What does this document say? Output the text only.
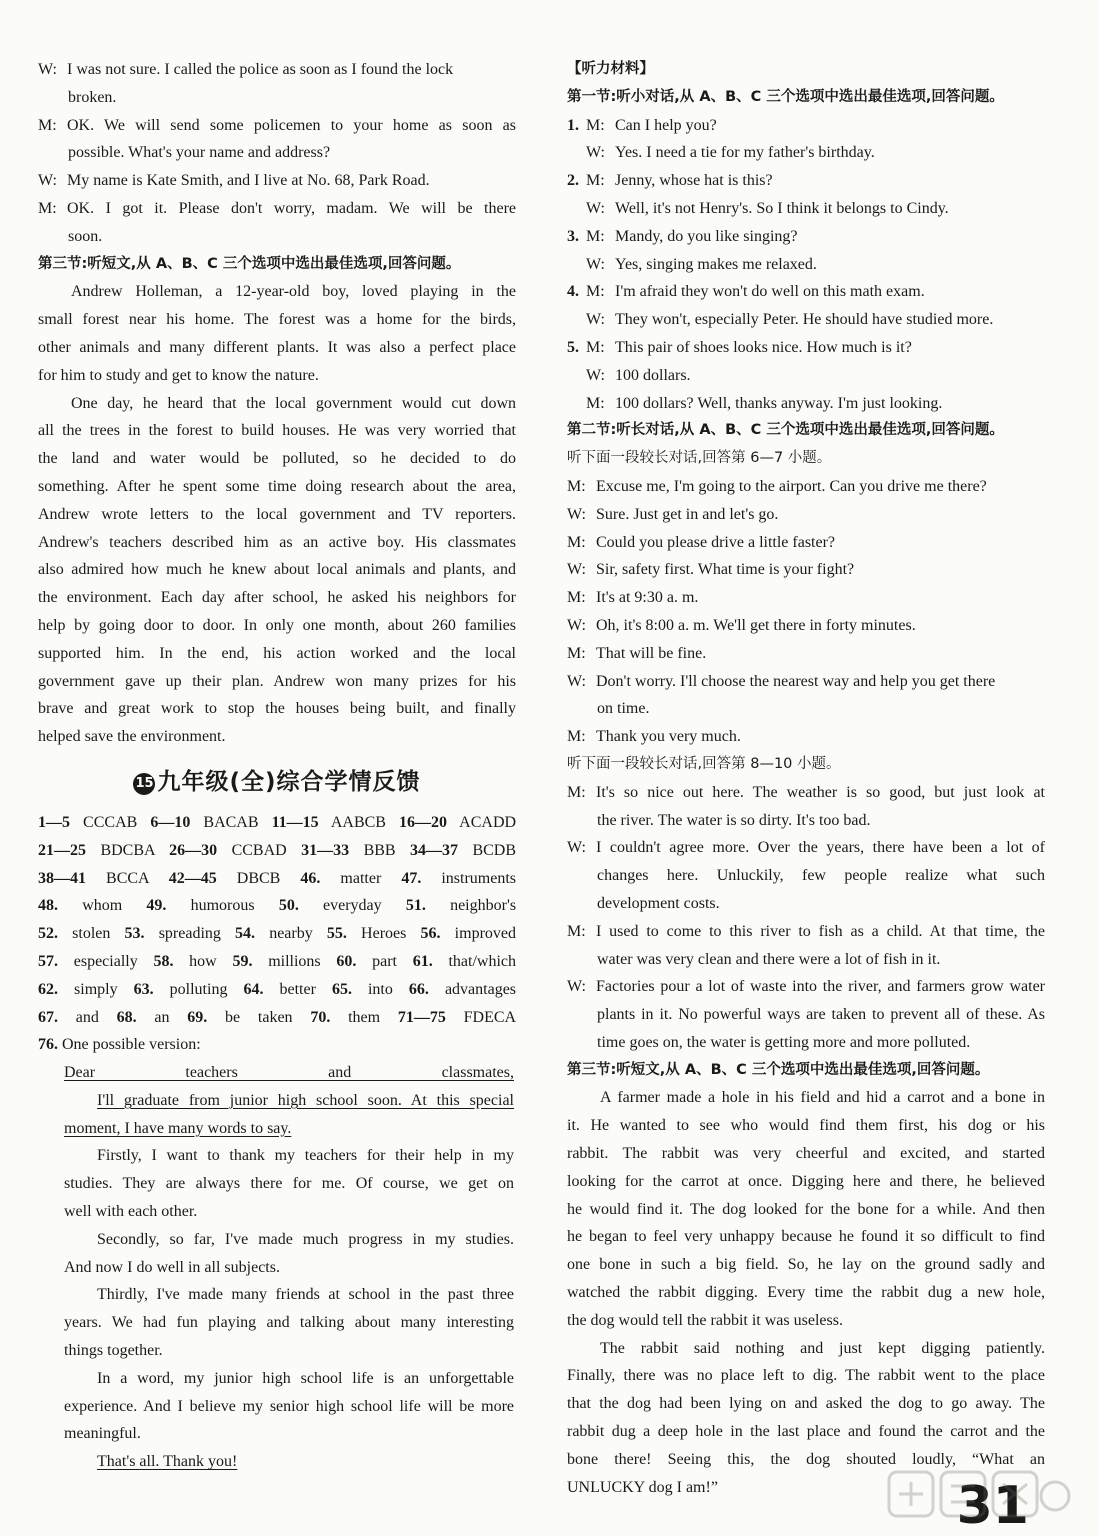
W: I was not sure. I called the police as soon as I found the lock
broken.
M: OK. We will send some policemen to your home as soon as
possible. What's your name and address?
W: My name is Kate Smith, and I live at No. 68, Park Road.
M: OK. I got it. Please don't worry, madam. We will be there
soon.
第三节:听短文,从 A、B、C 三个选项中选出最佳选项,回答问题。
Andrew Holleman, a 12-year-old boy, loved playing in the
small forest near his home. The forest was a home for the birds,
other animals and many different plants. It was also a perfect place
for him to study and get to know the nature.
One day, he heard that the local government would cut down
all the trees in the forest to build houses. He was very worried that
the land and water would be polluted, so he decided to do
something. After he spent some time doing research about the area,
Andrew wrote letters to the local government and TV reporters.
Andrew's teachers described him as an active boy. His classmates
also admired how much he knew about local animals and plants, and
the environment. Each day after school, he asked his neighbors for
help by going door to door. In only one month, about 260 families
supported him. In the end, his action worked and the local
government gave up their plan. Andrew won many prizes for his
brave and great work to stop the houses being built, and finally
helped save the environment.
15 九年级(全)综合学情反馈
1—5 CCCAB 6—10 BACAB 11—15 AABCB 16—20 ACADD
21—25 BDCBA 26—30 CCBAD 31—33 BBB 34—37 BCDB
38—41 BCCA 42—45 DBCB 46. matter 47. instruments
48. whom 49. humorous 50. everyday 51. neighbor's
52. stolen 53. spreading 54. nearby 55. Heroes 56. improved
57. especially 58. how 59. millions 60. part 61. that/which
62. simply 63. polluting 64. better 65. into 66. advantages
67. and 68. an 69. be taken 70. them 71—75 FDECA
76. One possible version:
Dear teachers and classmates,
I'll graduate from junior high school soon. At this special
moment, I have many words to say.
Firstly, I want to thank my teachers for their help in my
studies. They are always there for me. Of course, we get on
well with each other.
Secondly, so far, I've made much progress in my studies.
And now I do well in all subjects.
Thirdly, I've made many friends at school in the past three
years. We had fun playing and talking about many interesting
things together.
In a word, my junior high school life is an unforgettable
experience. And I believe my senior high school life will be more
meaningful.
That's all. Thank you!
【听力材料】
第一节:听小对话,从 A、B、C 三个选项中选出最佳选项,回答问题。
1. M: Can I help you?
W: Yes. I need a tie for my father's birthday.
2. M: Jenny, whose hat is this?
W: Well, it's not Henry's. So I think it belongs to Cindy.
3. M: Mandy, do you like singing?
W: Yes, singing makes me relaxed.
4. M: I'm afraid they won't do well on this math exam.
W: They won't, especially Peter. He should have studied more.
5. M: This pair of shoes looks nice. How much is it?
W: 100 dollars.
M: 100 dollars? Well, thanks anyway. I'm just looking.
第二节:听长对话,从 A、B、C 三个选项中选出最佳选项,回答问题。
听下面一段较长对话,回答第 6—7 小题。
M: Excuse me, I'm going to the airport. Can you drive me there?
W: Sure. Just get in and let's go.
M: Could you please drive a little faster?
W: Sir, safety first. What time is your fight?
M: It's at 9:30 a. m.
W: Oh, it's 8:00 a. m. We'll get there in forty minutes.
M: That will be fine.
W: Don't worry. I'll choose the nearest way and help you get there
on time.
M: Thank you very much.
听下面一段较长对话,回答第 8—10 小题。
M: It's so nice out here. The weather is so good, but just look at
the river. The water is so dirty. It's too bad.
W: I couldn't agree more. Over the years, there have been a lot of
changes here. Unluckily, few people realize what such
development costs.
M: I used to come to this river to fish as a child. At that time, the
water was very clean and there were a lot of fish in it.
W: Factories pour a lot of waste into the river, and farmers grow water
plants in it. No powerful ways are taken to prevent all of these. As
time goes on, the water is getting more and more polluted.
第三节:听短文,从 A、B、C 三个选项中选出最佳选项,回答问题。
A farmer made a hole in his field and hid a carrot and a bone in
it. He wanted to see who would find them first, his dog or his
rabbit. The rabbit was very cheerful and excited, and started
looking for the carrot at once. Digging here and there, he believed
he would find it. The dog looked for the bone for a while. And then
he began to feel very unhappy because he found it so difficult to find
one bone in such a big field. So, he lay on the ground sadly and
watched the rabbit digging. Every time the rabbit dug a new hole,
the dog would tell the rabbit it was useless.
The rabbit said nothing and just kept digging patiently.
Finally, there was no place left to dig. The rabbit went to the place
that the dog had been lying on and asked the dog to go away. The
rabbit dug a deep hole in the last place and found the carrot and the
bone there! Seeing this, the dog shouted loudly, “What an
UNLUCKY dog I am!”	31
